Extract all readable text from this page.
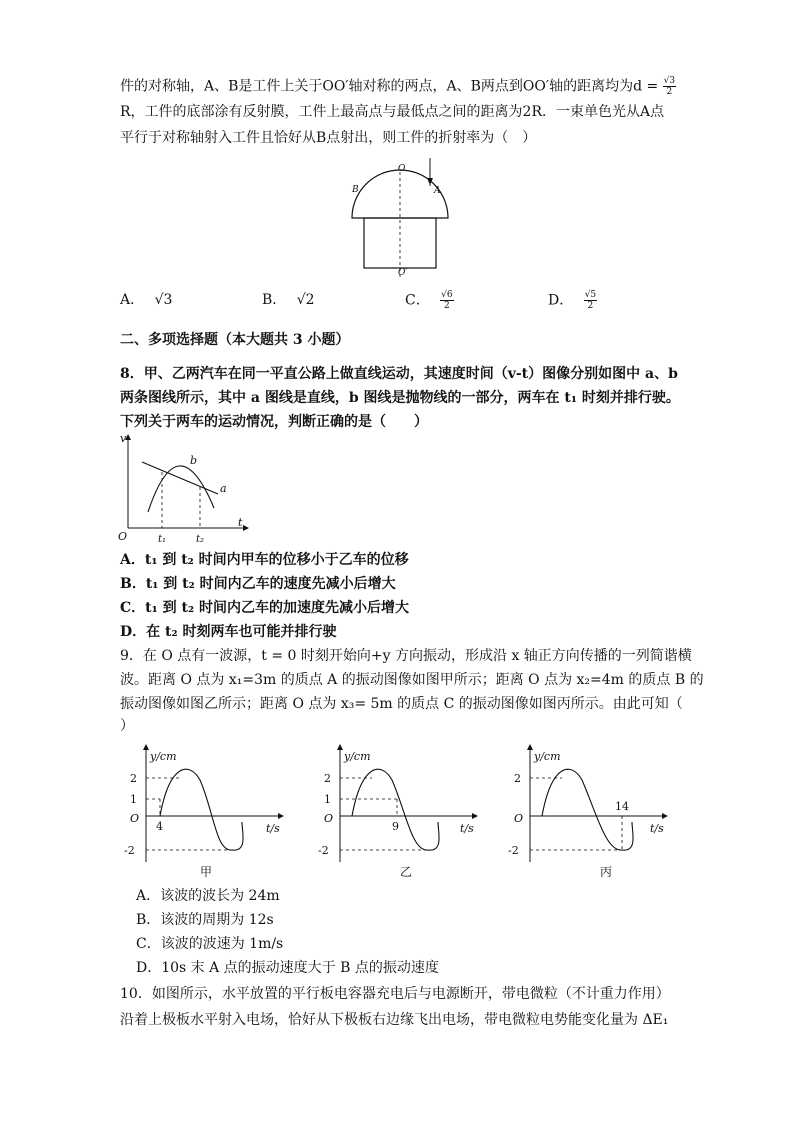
件的对称轴，A、B是工件上关于OO′轴对称的两点，A、B两点到OO′轴的距离均为$d = \frac{√3}{2}$
R，工件的底部涂有反射膜，工件上最高点与最低点之间的距离为2R．一束单色光从A点
平行于对称轴射入工件且恰好从B点射出，则工件的折射率为（　）
B
O
A
O′
A． √3	B． √2	C． $\frac{√6}{2}$	D． $\frac{√5}{2}$
二、多项选择题（本大题共 3 小题）
8．甲、乙两汽车在同一平直公路上做直线运动，其速度时间（v-t）图像分别如图中 a、b
两条图线所示，其中 a 图线是直线，b 图线是抛物线的一部分，两车在 t₁ 时刻并排行驶。
下列关于两车的运动情况，判断正确的是（　　）
v
t
O
a
b
t₁	t₂
A．t₁ 到 t₂ 时间内甲车的位移小于乙车的位移
B．t₁ 到 t₂ 时间内乙车的速度先减小后增大
C．t₁ 到 t₂ 时间内乙车的加速度先减小后增大
D．在 t₂ 时刻两车也可能并排行驶
9．在 O 点有一波源，t = 0 时刻开始向+y 方向振动，形成沿 x 轴正方向传播的一列简谐横
波。距离 O 点为 x₁=3m 的质点 A 的振动图像如图甲所示；距离 O 点为 x₂=4m 的质点 B 的
振动图像如图乙所示；距离 O 点为 x₃= 5m 的质点 C 的振动图像如图丙所示。由此可知（
）
y/cm
t/s
O
2
1
-2
4
甲
y/cm
t/s
O
2
1
-2
9
乙
y/cm
t/s
O
2
-2
14
丙
A．该波的波长为 24m
B．该波的周期为 12s
C．该波的波速为 1m/s
D．10s 末 A 点的振动速度大于 B 点的振动速度
10．如图所示，水平放置的平行板电容器充电后与电源断开，带电微粒（不计重力作用）
沿着上极板水平射入电场，恰好从下极板右边缘飞出电场，带电微粒电势能变化量为 ΔE₁
